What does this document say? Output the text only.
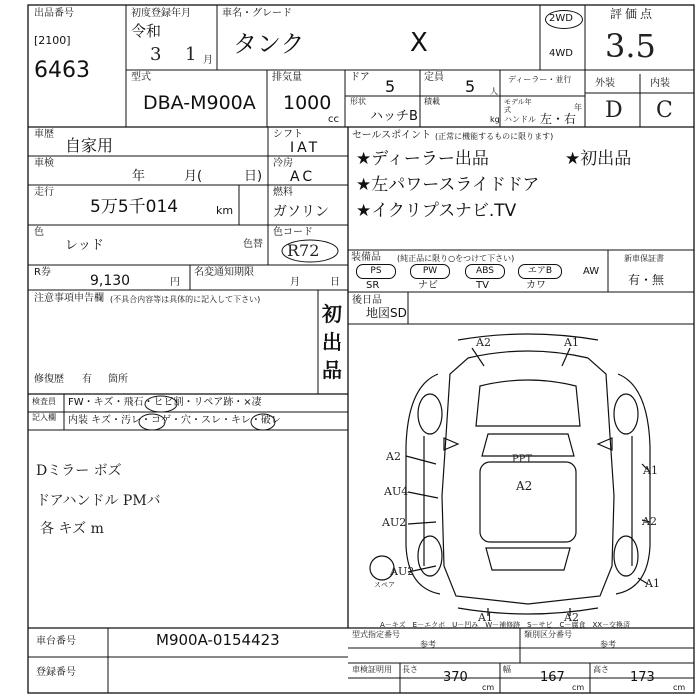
出品番号
[2100]
6463
初度登録年月
令和
3 1 月
車名・グレード
タンク	X
2WD
4WD
評価点
3.5
外装	内装
D C
型式
DBA-M900A
排気量
1000
cc
ドア 5	定員 5 人
ディーラー・並行
モデル年式	年
形状
ハッチB
積載
kg ハンドル 左・右
車歴
自家用
車検
年	月(	日)
走行
5万5千014	km
色
レッド	色替
R券
9,130	円
名変通知期限
月	日
シフト
IAT
冷房
AC
燃料
ガソリン
色コード
R72
セールスポイント (正常に機能するものに限ります)
★ディーラー出品	★初出品
★左パワースライドドア
★イクリプスナビ.TV
装備品 (純正品に限り○をつけて下さい)
PS	PW	ABS	エアB	AW
SR	ナビ	TV	カワ
新車保証書
有・無
注意事項申告欄 (不具合内容等は具体的に記入して下さい)
初出品
修復歴 有 箇所
後日品
地図SD
検査員
記入欄
FW・キズ・飛石・ヒビ割・リペア跡・×凄
内装 キズ・汚レ・コゲ・穴・スレ・キレ・破レ
Dミラー ボズ
ドアハンドル PMバ
各 キズ m
A2	A1
A2
A1
AU4
A2
AU2
A2
AU2
A1
A1	A2
PPT
スペア
A－キズ　E－エクボ　U－凹み　W－補修跡　S－サビ　C－腐食　XX－交換済
車台番号	M900A-0154423
登録番号
型式指定番号
参考
類別区分番号
参考
車検証明用 長さ
370
cm
幅
167
cm
高さ
173
cm
